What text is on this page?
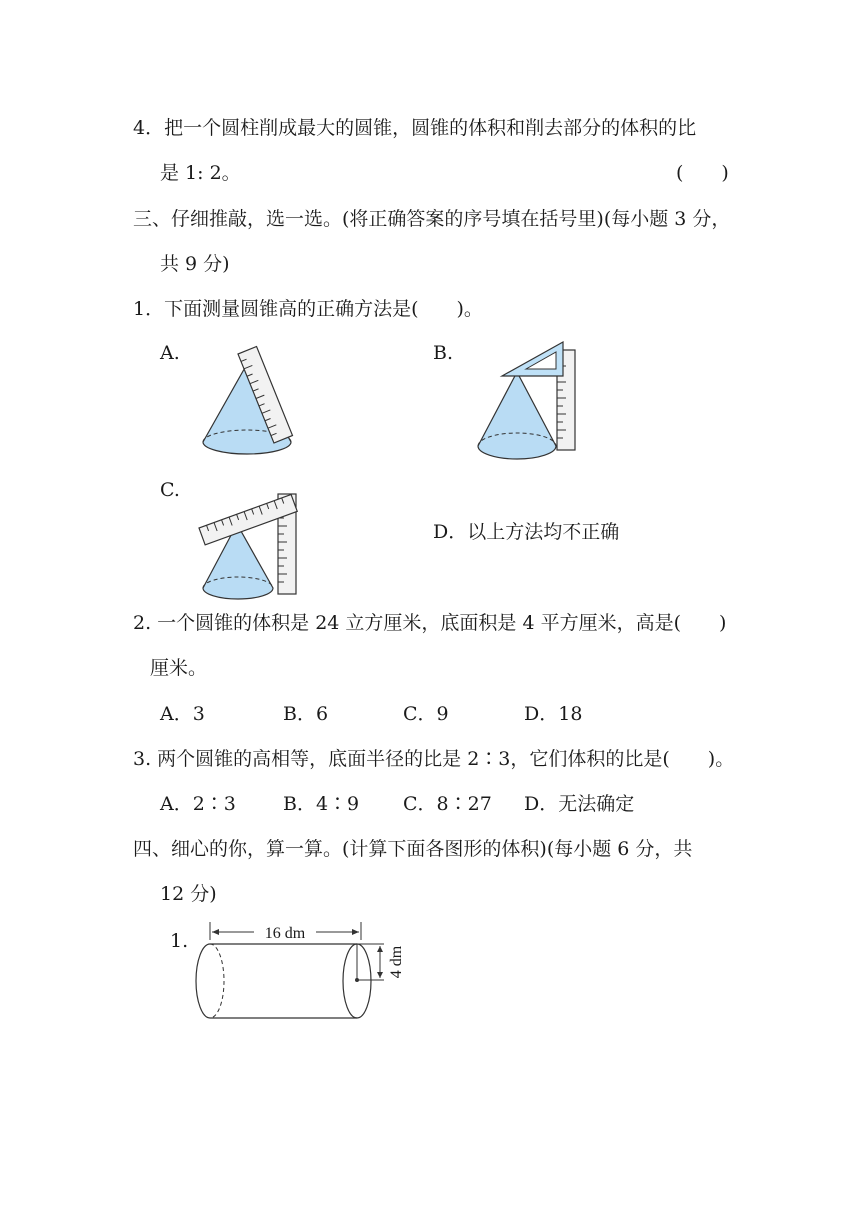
4．把一个圆柱削成最大的圆锥，圆锥的体积和削去部分的体积的比
是 1: 2。	(　　)
三、仔细推敲，选一选。(将正确答案的序号填在括号里)(每小题 3 分，
共 9 分)
1．下面测量圆锥高的正确方法是(　　)。
A.	B.
C.
D．以上方法均不正确
2. 一个圆锥的体积是 24 立方厘米，底面积是 4 平方厘米，高是(　　)
厘米。
A．3	B．6	C．9	D．18
3. 两个圆锥的高相等，底面半径的比是 2∶3，它们体积的比是(　　)。
A．2∶3 B．4∶9 C．8∶27 D．无法确定
四、细心的你，算一算。(计算下面各图形的体积)(每小题 6 分，共
12 分)
1.	16 dm
4 dm
